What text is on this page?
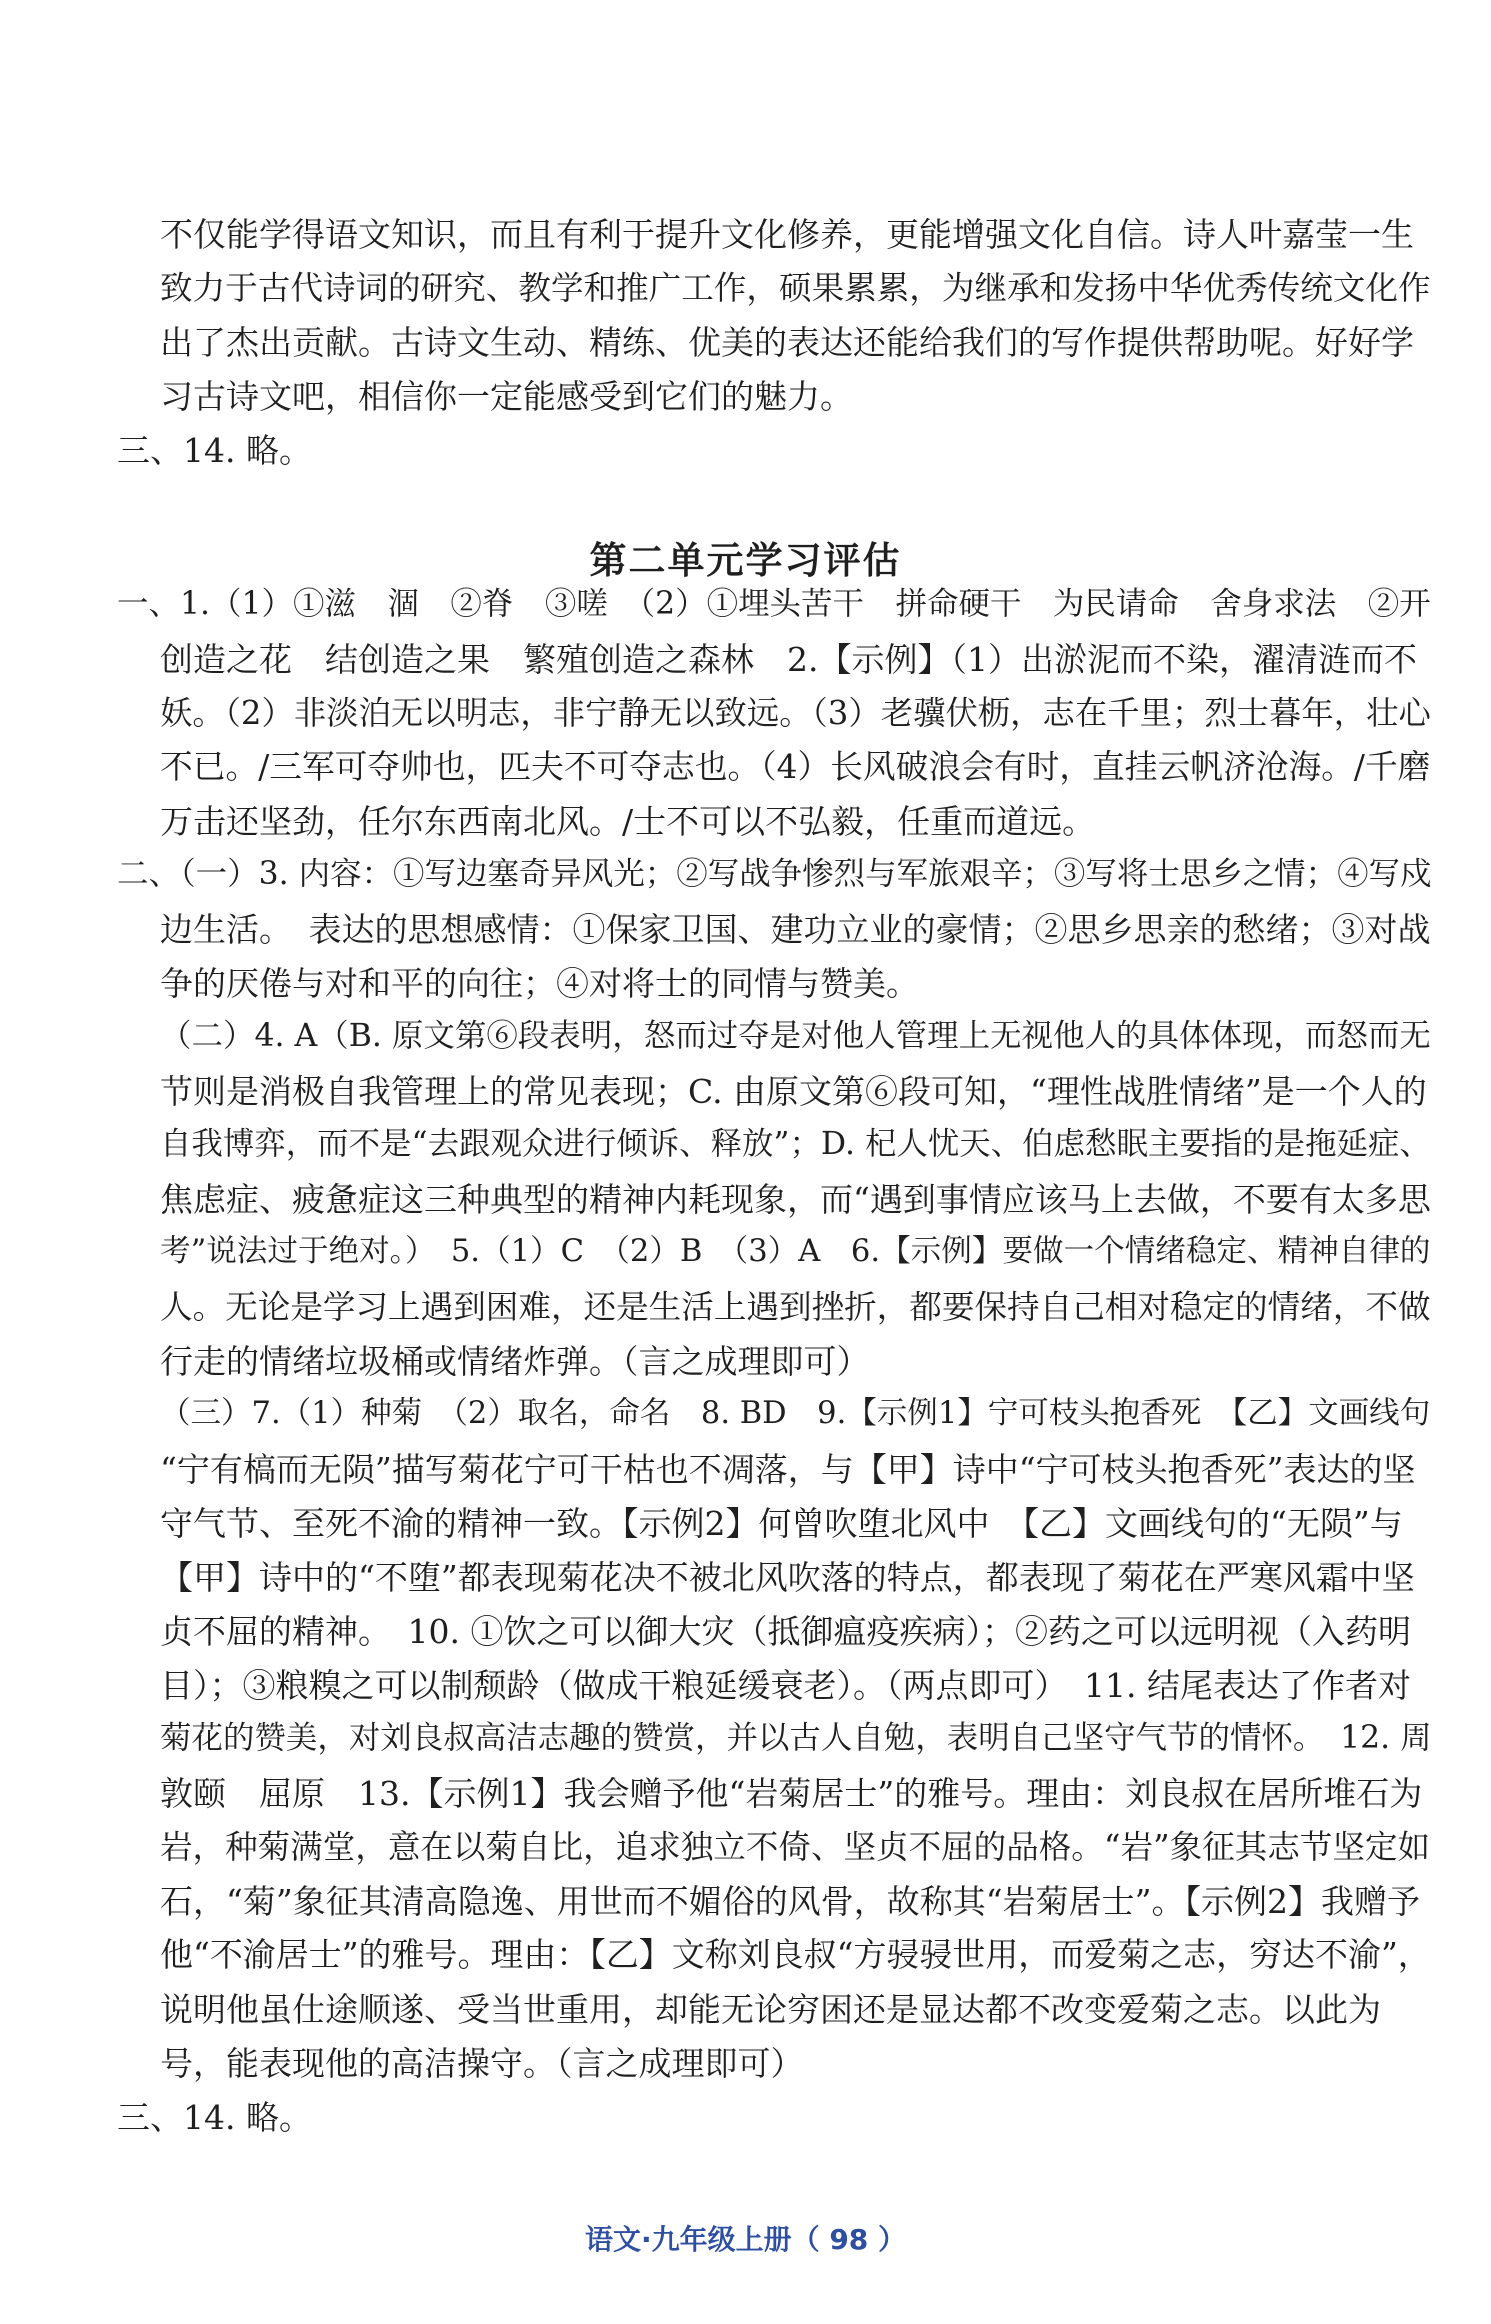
不仅能学得语文知识，而且有利于提升文化修养，更能增强文化自信。诗人叶嘉莹一生
致力于古代诗词的研究、教学和推广工作，硕果累累，为继承和发扬中华优秀传统文化作
出了杰出贡献。古诗文生动、精练、优美的表达还能给我们的写作提供帮助呢。好好学
习古诗文吧，相信你一定能感受到它们的魅力。
三、14. 略。
第二单元学习评估
一、1.（1）①滋　涸　②脊　③嗟　（2）①埋头苦干　拼命硬干　为民请命　舍身求法　②开
创造之花　结创造之果　繁殖创造之森林　2.【示例】（1）出淤泥而不染，濯清涟而不
妖。（2）非淡泊无以明志，非宁静无以致远。（3）老骥伏枥，志在千里；烈士暮年，壮心
不已。/三军可夺帅也，匹夫不可夺志也。（4）长风破浪会有时，直挂云帆济沧海。/千磨
万击还坚劲，任尔东西南北风。/士不可以不弘毅，任重而道远。
二、（一）3. 内容：①写边塞奇异风光；②写战争惨烈与军旅艰辛；③写将士思乡之情；④写戍
边生活。　表达的思想感情：①保家卫国、建功立业的豪情；②思乡思亲的愁绪；③对战
争的厌倦与对和平的向往；④对将士的同情与赞美。
（二）4. A（B. 原文第⑥段表明，怒而过夺是对他人管理上无视他人的具体体现，而怒而无
节则是消极自我管理上的常见表现；C. 由原文第⑥段可知，“理性战胜情绪”是一个人的
自我博弈，而不是“去跟观众进行倾诉、释放”；D. 杞人忧天、伯虑愁眠主要指的是拖延症、
焦虑症、疲惫症这三种典型的精神内耗现象，而“遇到事情应该马上去做，不要有太多思
考”说法过于绝对。）　5.（1）C　（2）B　（3）A　6.【示例】要做一个情绪稳定、精神自律的
人。无论是学习上遇到困难，还是生活上遇到挫折，都要保持自己相对稳定的情绪，不做
行走的情绪垃圾桶或情绪炸弹。（言之成理即可）
（三）7.（1）种菊　（2）取名，命名　8. BD　9.【示例1】宁可枝头抱香死　【乙】文画线句
“宁有槁而无陨”描写菊花宁可干枯也不凋落，与【甲】诗中“宁可枝头抱香死”表达的坚
守气节、至死不渝的精神一致。【示例2】何曾吹堕北风中　【乙】文画线句的“无陨”与
【甲】诗中的“不堕”都表现菊花决不被北风吹落的特点，都表现了菊花在严寒风霜中坚
贞不屈的精神。　10. ①饮之可以御大灾（抵御瘟疫疾病）；②药之可以远明视（入药明
目）；③粮糗之可以制颓龄（做成干粮延缓衰老）。（两点即可）　11. 结尾表达了作者对
菊花的赞美，对刘良叔高洁志趣的赞赏，并以古人自勉，表明自己坚守气节的情怀。　12. 周
敦颐　屈原　13.【示例1】我会赠予他“岩菊居士”的雅号。理由：刘良叔在居所堆石为
岩，种菊满堂，意在以菊自比，追求独立不倚、坚贞不屈的品格。“岩”象征其志节坚定如
石，“菊”象征其清高隐逸、用世而不媚俗的风骨，故称其“岩菊居士”。【示例2】我赠予
他“不渝居士”的雅号。理由：【乙】文称刘良叔“方骎骎世用，而爱菊之志，穷达不渝”，
说明他虽仕途顺遂、受当世重用，却能无论穷困还是显达都不改变爱菊之志。以此为
号，能表现他的高洁操守。（言之成理即可）
三、14. 略。
语文·九年级上册（ 98 ）
